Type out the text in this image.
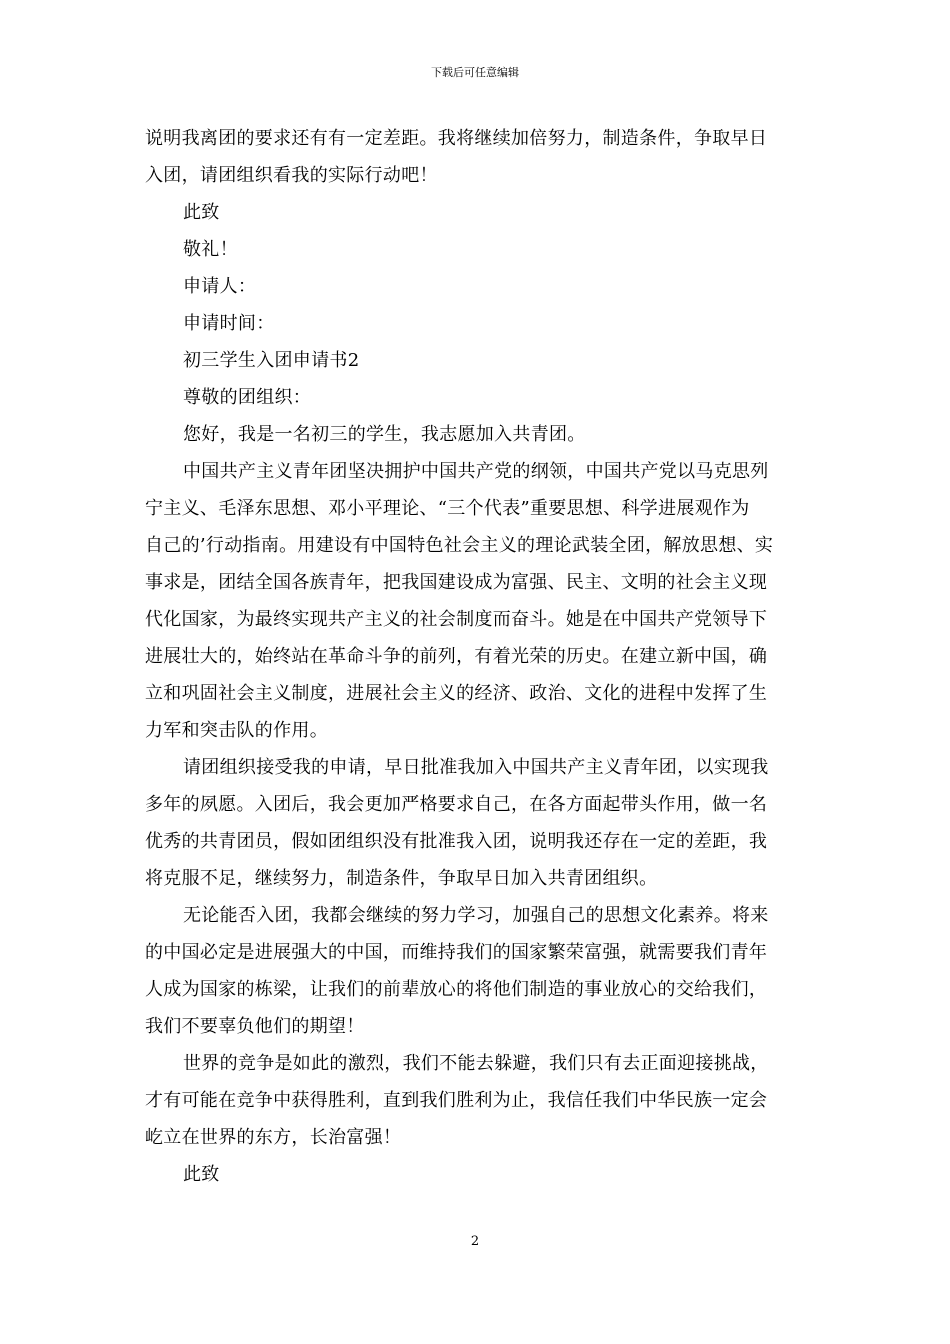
下载后可任意编辑
说明我离团的要求还有有一定差距。我将继续加倍努力，制造条件，争取早日
入团，请团组织看我的实际行动吧！
此致
敬礼！
申请人：
申请时间：
初三学生入团申请书2
尊敬的团组织：
您好，我是一名初三的学生，我志愿加入共青团。
中国共产主义青年团坚决拥护中国共产党的纲领，中国共产党以马克思列
宁主义、毛泽东思想、邓小平理论、“三个代表”重要思想、科学进展观作为
自己的’行动指南。用建设有中国特色社会主义的理论武装全团，解放思想、实
事求是，团结全国各族青年，把我国建设成为富强、民主、文明的社会主义现
代化国家，为最终实现共产主义的社会制度而奋斗。她是在中国共产党领导下
进展壮大的，始终站在革命斗争的前列，有着光荣的历史。在建立新中国，确
立和巩固社会主义制度，进展社会主义的经济、政治、文化的进程中发挥了生
力军和突击队的作用。
请团组织接受我的申请，早日批准我加入中国共产主义青年团，以实现我
多年的夙愿。入团后，我会更加严格要求自己，在各方面起带头作用，做一名
优秀的共青团员，假如团组织没有批准我入团，说明我还存在一定的差距，我
将克服不足，继续努力，制造条件，争取早日加入共青团组织。
无论能否入团，我都会继续的努力学习，加强自己的思想文化素养。将来
的中国必定是进展强大的中国，而维持我们的国家繁荣富强，就需要我们青年
人成为国家的栋梁，让我们的前辈放心的将他们制造的事业放心的交给我们，
我们不要辜负他们的期望！
世界的竞争是如此的激烈，我们不能去躲避，我们只有去正面迎接挑战，
才有可能在竞争中获得胜利，直到我们胜利为止，我信任我们中华民族一定会
屹立在世界的东方，长治富强！
此致
2
